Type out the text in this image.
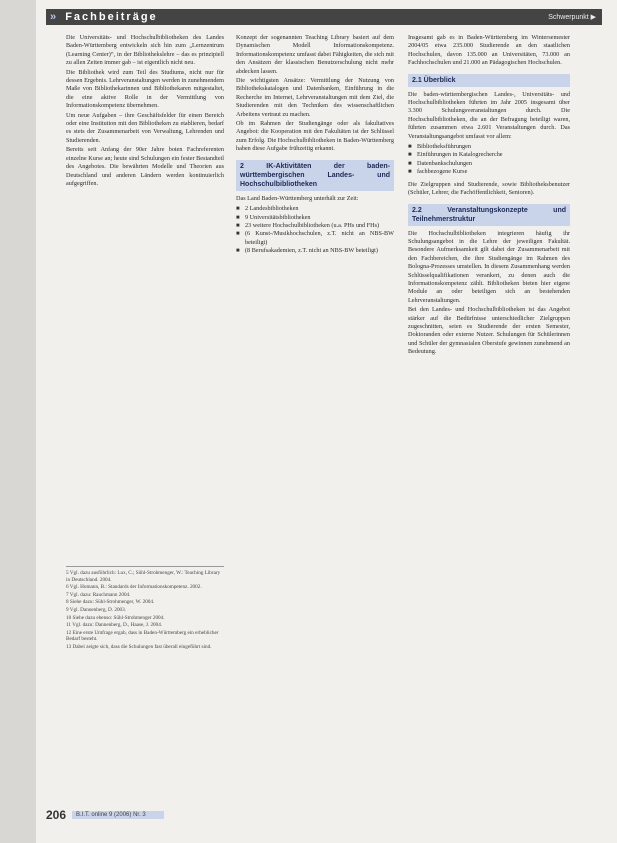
» Fachbeiträge	Schwerpunkt ▶

Die Universitäts- und Hochschulbibliotheken des Landes Baden-Württemberg entwickeln sich hin zum „Lernzentrum (Learning Center)“, in der Bibliothekslehre – das es prinzipiell zu allen Zeiten immer gab – ist eigentlich nicht neu.

Die Bibliothek wird zum Teil des Studiums, nicht nur für dessen Ergebnis. Lehrveranstaltungen werden in zunehmendem Maße von Bibliothekarinnen und Bibliothekaren mitgestaltet, die eine aktive Rolle in der Vermittlung von Informationskompetenz übernehmen.

Um neue Aufgaben – ihre Geschäftsfelder für einen Bereich oder eine Institution mit den Bibliotheken zu etablieren, bedarf es stets der Zusammenarbeit von Verwaltung, Lehrenden und Studierenden.

Bereits seit Anfang der 90er Jahre boten Fachreferenten einzelne Kurse an; heute sind Schulungen ein fester Bestandteil des Angebotes. Die bewährten Modelle und Theorien aus Deutschland und anderen Ländern werden kontinuierlich aufgegriffen.

5 Vgl. dazu ausführlich: Lux, C.; Sühl-Strohmenger, W.: Teaching Library in Deutschland. 2004.
6 Vgl. Homann, B.: Standards der Informationskompetenz. 2002.
7 Vgl. dazu: Rauchmann 2004.
8 Siehe dazu: Sühl-Strohmenger, W. 2004.
9 Vgl. Dannenberg, D. 2003.
10 Siehe dazu ebenso: Sühl-Strohmenger 2004.
11 Vgl. dazu: Dannenberg, D., Haase, J. 2004.
12 Eine erste Umfrage ergab, dass in Baden-Württemberg ein erheblicher Bedarf besteht.
13 Dabei zeigte sich, dass die Schulungen fast überall eingeführt sind.

Konzept der sogenannten Teaching Library basiert auf dem Dynamischen Modell Informationskompetenz. Informationskompetenz umfasst dabei Fähigkeiten, die sich mit den Ansätzen der klassischen Benutzerschulung nicht mehr abdecken lassen.

Die wichtigsten Ansätze: Vermittlung der Nutzung von Bibliothekskatalogen und Datenbanken, Einführung in die Recherche im Internet, Lehrveranstaltungen mit dem Ziel, die Studierenden mit den Techniken des wissenschaftlichen Arbeitens vertraut zu machen.

Ob im Rahmen der Studiengänge oder als fakultatives Angebot: die Kooperation mit den Fakultäten ist der Schlüssel zum Erfolg. Die Hochschulbibliotheken in Baden-Württemberg haben diese Aufgabe frühzeitig erkannt.

2 IK-Aktivitäten der baden-württembergischen Landes- und Hochschulbibliotheken

Das Land Baden-Württemberg unterhält zur Zeit:

■ 2 Landesbibliotheken
■ 9 Universitätsbibliotheken
■ 23 weitere Hochschulbibliotheken (u.a. PHs und FHs)
■ (6 Kunst-/Musikhochschulen, z.T. nicht an NBS-BW beteiligt)
■ (8 Berufsakademien, z.T. nicht an NBS-BW beteiligt)

Insgesamt gab es in Baden-Württemberg im Wintersemester 2004/05 etwa 235.000 Studierende an den staatlichen Hochschulen, davon 135.000 an Universitäten, 73.000 an Fachhochschulen und 21.000 an Pädagogischen Hochschulen.

2.1 Überblick

Die baden-württembergischen Landes-, Universitäts- und Hochschulbibliotheken führten im Jahr 2005 insgesamt über 3.300 Schulungsveranstaltungen durch. Die Hochschulbibliotheken, die an der Befragung beteiligt waren, führten zusammen etwa 2.601 Veranstaltungen durch. Das Veranstaltungsangebot umfasst vor allem:

■ Bibliotheksführungen
■ Einführungen in Katalogrecherche
■ Datenbankschulungen
■ fachbezogene Kurse

Die Zielgruppen sind Studierende, sowie Bibliotheksbenutzer (Schüler, Lehrer, die Fachöffentlichkeit, Senioren).

2.2 Veranstaltungskonzepte und Teilnehmerstruktur

Die Hochschulbibliotheken integrieren häufig ihr Schulungsangebot in die Lehre der jeweiligen Fakultät. Besondere Aufmerksamkeit gilt dabei der Zusammenarbeit mit den Fachbereichen, die ihre Studiengänge im Rahmen des Bologna-Prozesses umstellen. In diesem Zusammenhang werden Schlüsselqualifikationen verankert, zu denen auch die Informationskompetenz zählt. Bibliotheken bieten hier eigene Module an oder beteiligen sich an bestehenden Lehrveranstaltungen.

Bei den Landes- und Hochschulbibliotheken ist das Angebot stärker auf die Bedürfnisse unterschiedlicher Zielgruppen zugeschnitten, seien es Studierende der ersten Semester, Doktoranden oder externe Nutzer. Schulungen für Schülerinnen und Schüler der gymnasialen Oberstufe gewinnen zunehmend an Bedeutung.

206	B.I.T. online 9 (2006) Nr. 3
